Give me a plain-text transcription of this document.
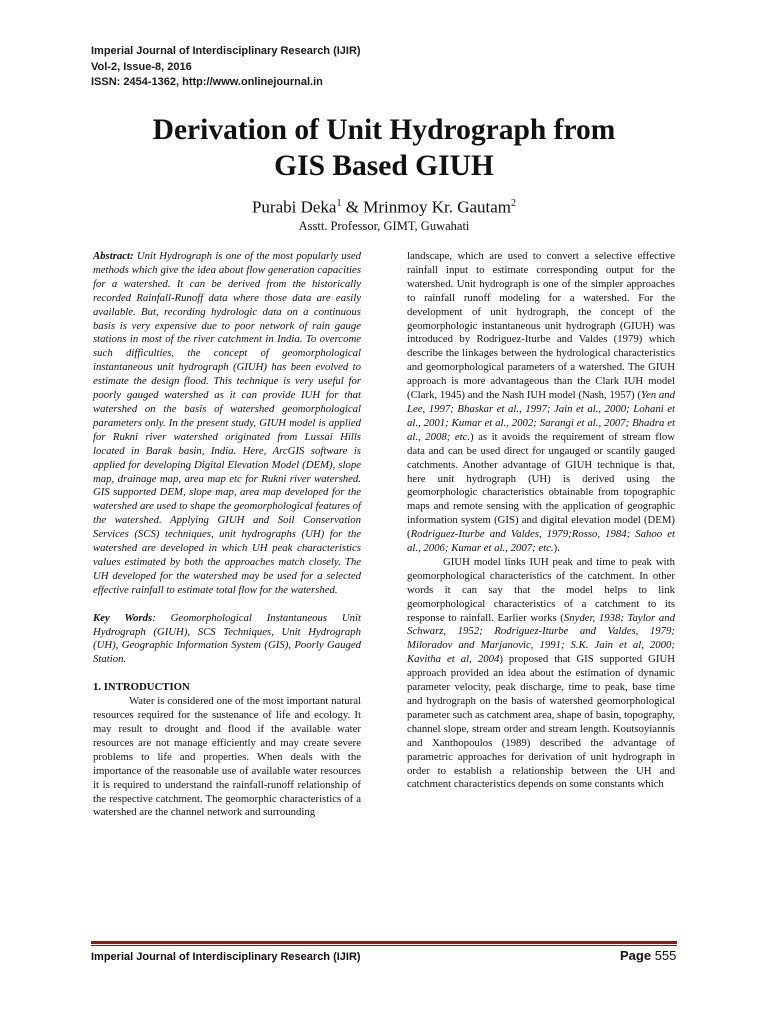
Imperial Journal of Interdisciplinary Research (IJIR)
Vol-2, Issue-8, 2016
ISSN: 2454-1362, http://www.onlinejournal.in
Derivation of Unit Hydrograph from
GIS Based GIUH
Purabi Deka$^1$ & Mrinmoy Kr. Gautam$^2$
Asstt. Professor, GIMT, Guwahati

Abstract: Unit Hydrograph is one of the most popularly used methods which give the idea about flow generation capacities for a watershed. It can be derived from the historically recorded Rainfall-Runoff data where those data are easily available. But, recording hydrologic data on a continuous basis is very expensive due to poor network of rain gauge stations in most of the river catchment in India. To overcome such difficulties, the concept of geomorphological instantaneous unit hydrograph (GIUH) has been evolved to estimate the design flood. This technique is very useful for poorly gauged watershed as it can provide IUH for that watershed on the basis of watershed geomorphological parameters only. In the present study, GIUH model is applied for Rukni river watershed originated from Lussai Hills located in Barak basin, India. Here, ArcGIS software is applied for developing Digital Elevation Model (DEM), slope map, drainage map, area map etc for Rukni river watershed. GIS supported DEM, slope map, area map developed for the watershed are used to shape the geomorphological features of the watershed. Applying GIUH and Soil Conservation Services (SCS) techniques, unit hydrographs (UH) for the watershed are developed in which UH peak characteristics values estimated by both the approaches match closely. The UH developed for the watershed may be used for a selected effective rainfall to estimate total flow for the watershed.

Key Words: Geomorphological Instantaneous Unit Hydrograph (GIUH), SCS Techniques, Unit Hydrograph (UH), Geographic Information System (GIS), Poorly Gauged Station.

1. INTRODUCTION

Water is considered one of the most important natural resources required for the sustenance of life and ecology. It may result to drought and flood if the available water resources are not manage efficiently and may create severe problems to life and properties. When deals with the importance of the reasonable use of available water resources it is required to understand the rainfall-runoff relationship of the respective catchment. The geomorphic characteristics of a watershed are the channel network and surrounding

landscape, which are used to convert a selective effective rainfall input to estimate corresponding output for the watershed. Unit hydrograph is one of the simpler approaches to rainfall runoff modeling for a watershed. For the development of unit hydrograph, the concept of the geomorphologic instantaneous unit hydrograph (GIUH) was introduced by Rodriguez-Iturbe and Valdes (1979) which describe the linkages between the hydrological characteristics and geomorphological parameters of a watershed. The GIUH approach is more advantageous than the Clark IUH model (Clark, 1945) and the Nash IUH model (Nash, 1957) (Yen and Lee, 1997; Bhaskar et al., 1997; Jain et al., 2000; Lohani et al., 2001; Kumar et al., 2002; Sarangi et al., 2007; Bhadra et al., 2008; etc.) as it avoids the requirement of stream flow data and can be used direct for ungauged or scantily gauged catchments. Another advantage of GIUH technique is that, here unit hydrograph (UH) is derived using the geomorphologic characteristics obtainable from topographic maps and remote sensing with the application of geographic information system (GIS) and digital elevation model (DEM) (Rodriguez-Iturbe and Valdes, 1979;Rosso, 1984; Sahoo et al., 2006; Kumar et al., 2007; etc.).

GIUH model links IUH peak and time to peak with geomorphological characteristics of the catchment. In other words it can say that the model helps to link geomorphological characteristics of a catchment to its response to rainfall. Earlier works (Snyder, 1938; Taylor and Schwarz, 1952; Rodriguez-Iturbe and Valdes, 1979; Miloradov and Marjanovic, 1991; S.K. Jain et al, 2000; Kavitha et al, 2004) proposed that GIS supported GIUH approach provided an idea about the estimation of dynamic parameter velocity, peak discharge, time to peak, base time and hydrograph on the basis of watershed geomorphological parameter such as catchment area, shape of basin, topography, channel slope, stream order and stream length. Koutsoyiannis and Xanthopoulos (1989) described the advantage of parametric approaches for derivation of unit hydrograph in order to establish a relationship between the UH and catchment characteristics depends on some constants which

Imperial Journal of Interdisciplinary Research (IJIR)	Page 555
